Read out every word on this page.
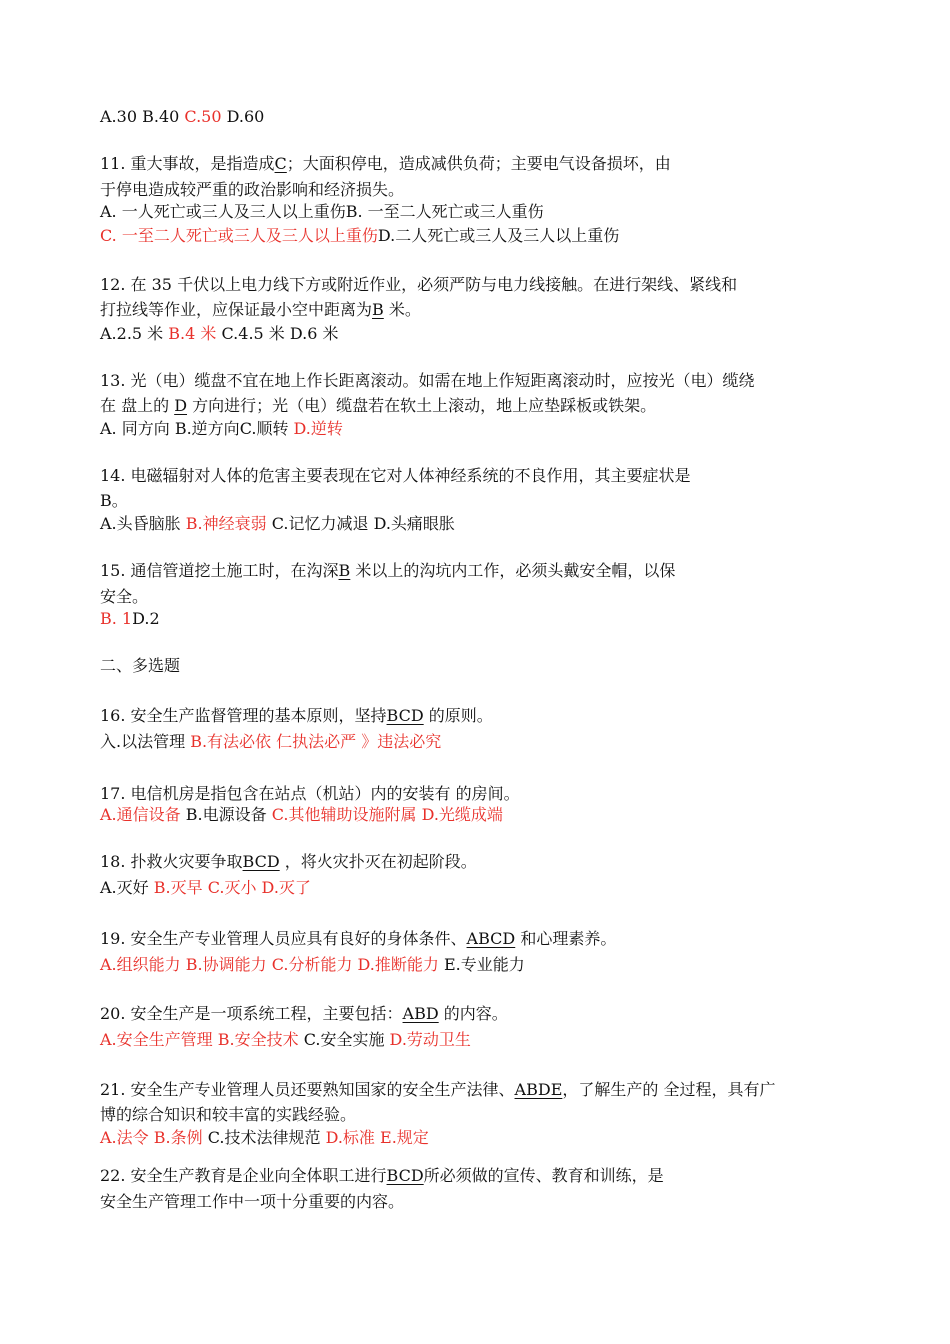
A.30 B.40 C.50 D.60
11. 重大事故，是指造成C；大面积停电，造成减供负荷；主要电气设备损坏，由
于停电造成较严重的政治影响和经济损失。
A. 一人死亡或三人及三人以上重伤B. 一至二人死亡或三人重伤
C. 一至二人死亡或三人及三人以上重伤D.二人死亡或三人及三人以上重伤
12. 在 35 千伏以上电力线下方或附近作业，必须严防与电力线接触。在进行架线、紧线和
打拉线等作业，应保证最小空中距离为B 米。
A.2.5 米 B.4 米 C.4.5 米 D.6 米
13. 光（电）缆盘不宜在地上作长距离滚动。如需在地上作短距离滚动时，应按光（电）缆绕
在 盘上的 D 方向进行；光（电）缆盘若在软土上滚动，地上应垫踩板或铁架。
A. 同方向 B.逆方向C.顺转 D.逆转
14. 电磁辐射对人体的危害主要表现在它对人体神经系统的不良作用，其主要症状是
B。
A.头昏脑胀 B.神经衰弱 C.记忆力减退 D.头痛眼胀
15. 通信管道挖土施工时，在沟深B 米以上的沟坑内工作，必须头戴安全帽，以保
安全。
B. 1D.2
二、多选题
16. 安全生产监督管理的基本原则，坚持BCD 的原则。
入.以法管理 B.有法必依 仁执法必严 》违法必究
17. 电信机房是指包含在站点（机站）内的安装有 的房间。
A.通信设备 B.电源设备 C.其他辅助设施附属 D.光缆成端
18. 扑救火灾要争取BCD ，将火灾扑灭在初起阶段。
A.灭好 B.灭早 C.灭小 D.灭了
19. 安全生产专业管理人员应具有良好的身体条件、ABCD 和心理素养。
A.组织能力 B.协调能力 C.分析能力 D.推断能力 E.专业能力
20. 安全生产是一项系统工程，主要包括：ABD 的内容。
A.安全生产管理 B.安全技术 C.安全实施 D.劳动卫生
21. 安全生产专业管理人员还要熟知国家的安全生产法律、ABDE，了解生产的 全过程，具有广
博的综合知识和较丰富的实践经验。
A.法令 B.条例 C.技术法律规范 D.标准 E.规定
22. 安全生产教育是企业向全体职工进行BCD所必须做的宣传、教育和训练，是
安全生产管理工作中一项十分重要的内容。
